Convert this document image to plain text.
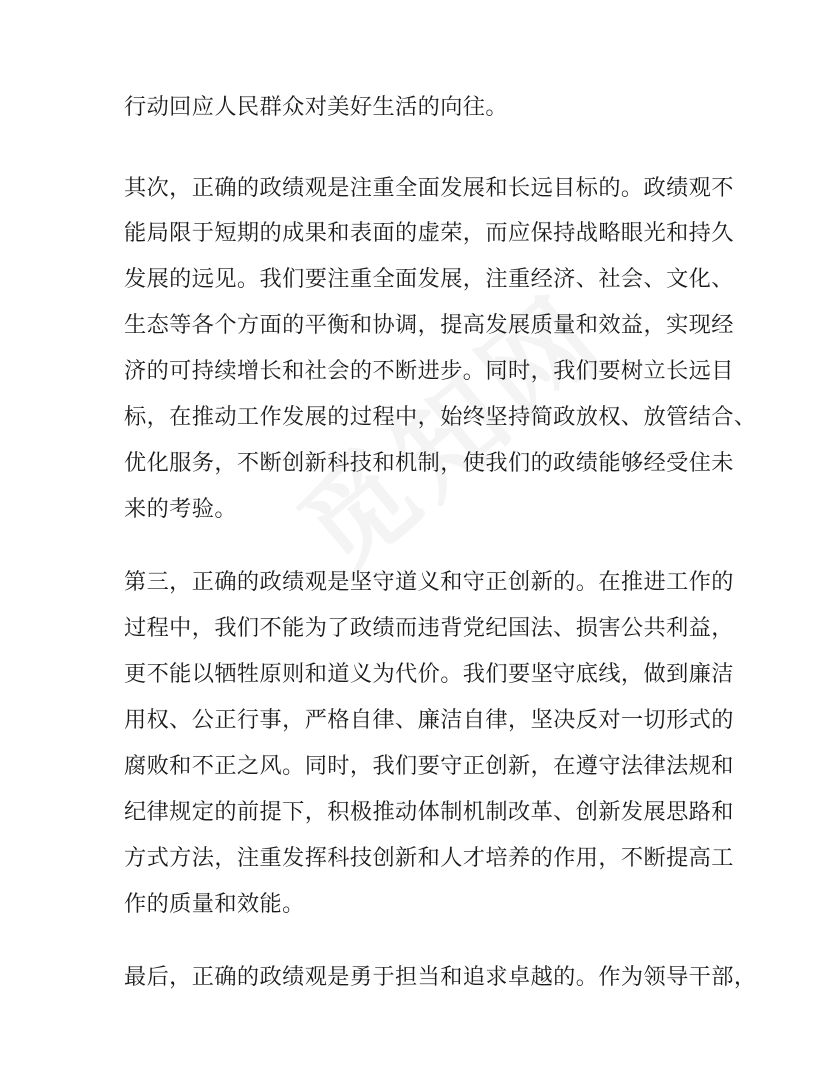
行动回应人民群众对美好生活的向往。
其次，正确的政绩观是注重全面发展和长远目标的。政绩观不
能局限于短期的成果和表面的虚荣，而应保持战略眼光和持久
发展的远见。我们要注重全面发展，注重经济、社会、文化、
生态等各个方面的平衡和协调，提高发展质量和效益，实现经
济的可持续增长和社会的不断进步。同时，我们要树立长远目
标，在推动工作发展的过程中，始终坚持简政放权、放管结合、
优化服务，不断创新科技和机制，使我们的政绩能够经受住未
来的考验。
第三，正确的政绩观是坚守道义和守正创新的。在推进工作的
过程中，我们不能为了政绩而违背党纪国法、损害公共利益，
更不能以牺牲原则和道义为代价。我们要坚守底线，做到廉洁
用权、公正行事，严格自律、廉洁自律，坚决反对一切形式的
腐败和不正之风。同时，我们要守正创新，在遵守法律法规和
纪律规定的前提下，积极推动体制机制改革、创新发展思路和
方式方法，注重发挥科技创新和人才培养的作用，不断提高工
作的质量和效能。
最后，正确的政绩观是勇于担当和追求卓越的。作为领导干部，
